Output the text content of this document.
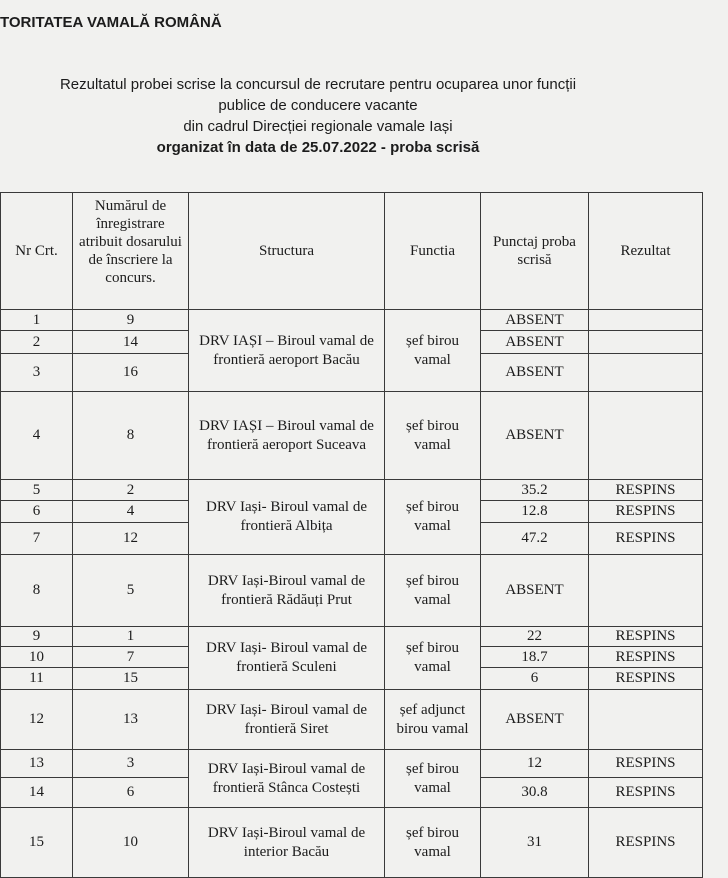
TORITATEA VAMALĂ ROMÂNĂ
Rezultatul probei scrise la concursul de recrutare pentru ocuparea unor funcții
publice de conducere vacante
din cadrul Direcției regionale vamale Iași
organizat în data de 25.07.2022 - proba scrisă
Nr Crt.	Numărul de înregistrare atribuit dosarului de înscriere la concurs.	Structura	Functia	Punctaj proba scrisă	Rezultat
1	9	DRV IAȘI – Biroul vamal de frontieră aeroport Bacău	șef birou vamal	ABSENT	
2	14			ABSENT	
3	16			ABSENT	
4	8	DRV IAȘI – Biroul vamal de frontieră aeroport Suceava	șef birou vamal	ABSENT	
5	2	DRV Iași- Biroul vamal de frontieră Albița	șef birou vamal	35.2	RESPINS
6	4			12.8	RESPINS
7	12			47.2	RESPINS
8	5	DRV Iași-Biroul vamal de frontieră Rădăuți Prut	șef birou vamal	ABSENT	
9	1	DRV Iași- Biroul vamal de frontieră Sculeni	șef birou vamal	22	RESPINS
10	7			18.7	RESPINS
11	15			6	RESPINS
12	13	DRV Iași- Biroul vamal de frontieră Siret	șef adjunct birou vamal	ABSENT	
13	3	DRV Iași-Biroul vamal de frontieră Stânca Costești	șef birou vamal	12	RESPINS
14	6			30.8	RESPINS
15	10	DRV Iași-Biroul vamal de interior Bacău	șef birou vamal	31	RESPINS
